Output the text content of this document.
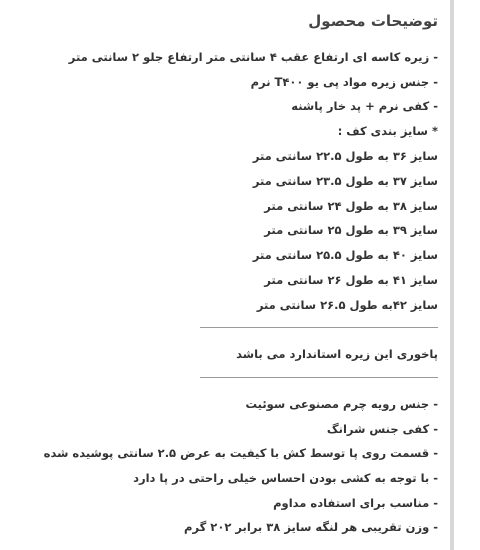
توضیحات محصول
- زیره کاسه ای ارتفاع عقب ۴ سانتی متر ارتفاع جلو ۲ سانتی متر
- جنس زیره مواد پی یو T۴۰۰ نرم
- کفی نرم + پد خار پاشنه
* سایز بندی کف :
سایز ۳۶ به طول ۲۲.۵ سانتی متر
سایز ۳۷ به طول ۲۳.۵ سانتی متر
سایز ۳۸ به طول ۲۴ سانتی متر
سایز ۳۹ به طول ۲۵ سانتی متر
سایز ۴۰ به طول ۲۵.۵ سانتی متر
سایز ۴۱ به طول ۲۶ سانتی متر
سایز ۴۲به طول ۲۶.۵ سانتی متر
پاخوری این زیره استاندارد می باشد
- جنس رویه چرم مصنوعی سوئیت
- کفی جنس شرانگ
- قسمت روی پا توسط کش با کیفیت به عرض ۲.۵ سانتی پوشیده شده
- با توجه به کشی بودن احساس خیلی راحتی در پا دارد
- مناسب برای استفاده مداوم
- وزن تقریبی هر لنگه سایز ۳۸ برابر ۲۰۲ گرم
